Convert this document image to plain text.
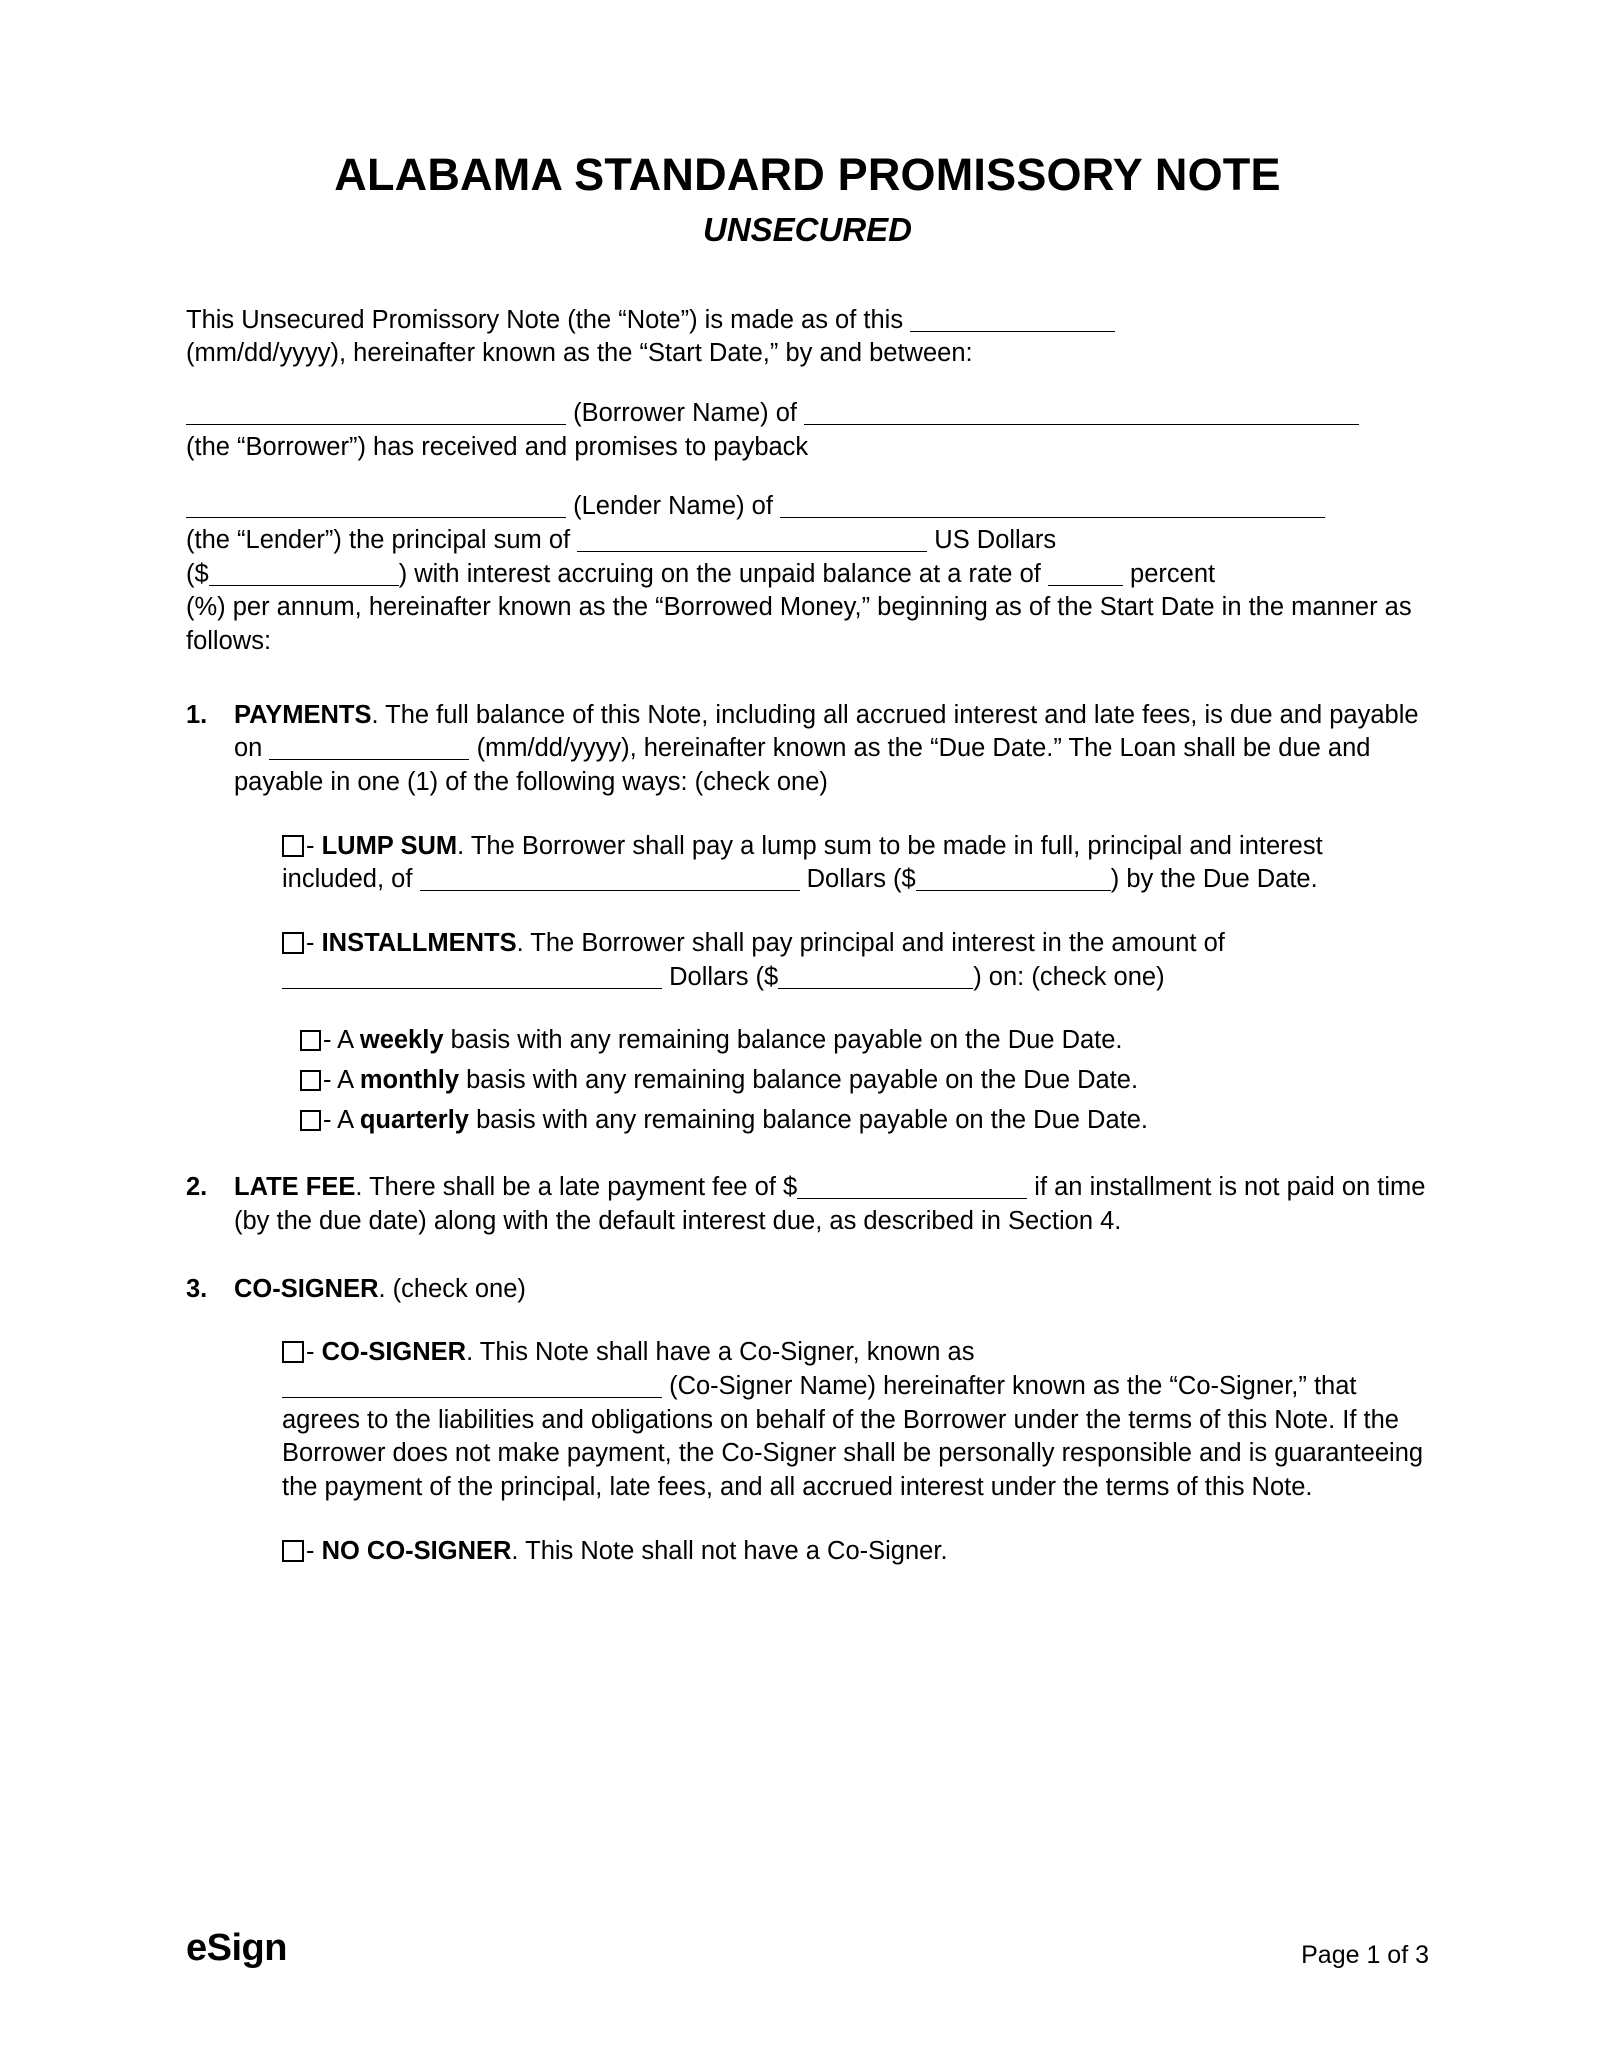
ALABAMA STANDARD PROMISSORY NOTE
UNSECURED
This Unsecured Promissory Note (the “Note”) is made as of this
(mm/dd/yyyy), hereinafter known as the “Start Date,” by and between:
(Borrower Name) of
(the “Borrower”) has received and promises to payback
(Lender Name) of
(the “Lender”) the principal sum of	US Dollars
($	) with interest accruing on the unpaid balance at a rate of	percent
(%) per annum, hereinafter known as the “Borrowed Money,” beginning as of the Start Date in the manner as follows:
1.	PAYMENTS. The full balance of this Note, including all accrued interest and late fees, is due and payable on	(mm/dd/yyyy), hereinafter known as the “Due Date.” The Loan shall be due and payable in one (1) of the following ways: (check one)
- LUMP SUM. The Borrower shall pay a lump sum to be made in full, principal and interest included, of	Dollars ($	) by the Due Date.
- INSTALLMENTS. The Borrower shall pay principal and interest in the amount of  Dollars ($	) on: (check one)
- A weekly basis with any remaining balance payable on the Due Date.
- A monthly basis with any remaining balance payable on the Due Date.
- A quarterly basis with any remaining balance payable on the Due Date.
2.	LATE FEE. There shall be a late payment fee of $	if an installment is not paid on time (by the due date) along with the default interest due, as described in Section 4.
3.	CO-SIGNER. (check one)
- CO-SIGNER. This Note shall have a Co-Signer, known as
(Co-Signer Name) hereinafter known as the “Co-Signer,” that agrees to the liabilities and obligations on behalf of the Borrower under the terms of this Note. If the Borrower does not make payment, the Co-Signer shall be personally responsible and is guaranteeing the payment of the principal, late fees, and all accrued interest under the terms of this Note.
- NO CO-SIGNER. This Note shall not have a Co-Signer.
eSign	Page 1 of 3
